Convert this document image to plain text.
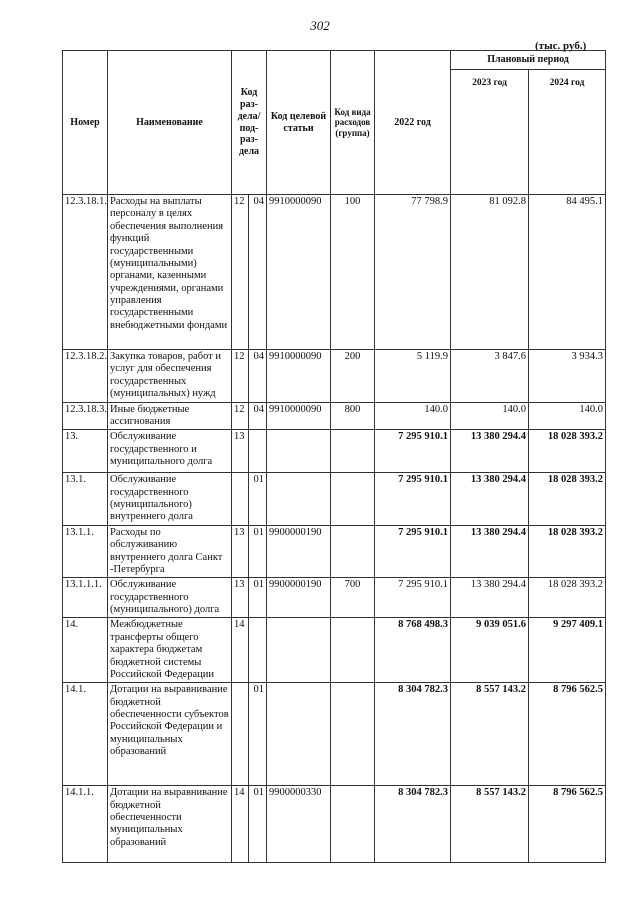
302
(тыс. руб.)
Номер	Наименование	Код раз-дела/ под-раз-дела		Код целевой статьи	Код вида расходов (группа)	2022 год	Плановый период	
							2023 год	2024 год
12.3.18.1.	Расходы на выплаты персоналу в целях обеспечения выполнения функций государственными (муниципальными) органами, казенными учреждениями, органами управления государственными внебюджетными фондами	12	04	9910000090	100	77 798.9	81 092.8	84 495.1
12.3.18.2.	Закупка товаров, работ и услуг для обеспечения государственных (муниципальных) нужд	12	04	9910000090	200	5 119.9	3 847.6	3 934.3
12.3.18.3.	Иные бюджетные ассигнования	12	04	9910000090	800	140.0	140.0	140.0
13.	Обслуживание государственного и муниципального долга	13				7 295 910.1	13 380 294.4	18 028 393.2
13.1.	Обслуживание государственного (муниципального) внутреннего долга		01			7 295 910.1	13 380 294.4	18 028 393.2
13.1.1.	Расходы по обслуживанию внутреннего долга Санкт -Петербурга	13	01	9900000190		7 295 910.1	13 380 294.4	18 028 393.2
13.1.1.1.	Обслуживание государственного (муниципального) долга	13	01	9900000190	700	7 295 910.1	13 380 294.4	18 028 393.2
14.	Межбюджетные трансферты общего характера бюджетам бюджетной системы Российской Федерации	14				8 768 498.3	9 039 051.6	9 297 409.1
14.1.	Дотации на выравнивание бюджетной обеспеченности субъектов Российской Федерации и муниципальных образований		01			8 304 782.3	8 557 143.2	8 796 562.5
14.1.1.	Дотации на выравнивание бюджетной обеспеченности муниципальных образований	14	01	9900000330		8 304 782.3	8 557 143.2	8 796 562.5
